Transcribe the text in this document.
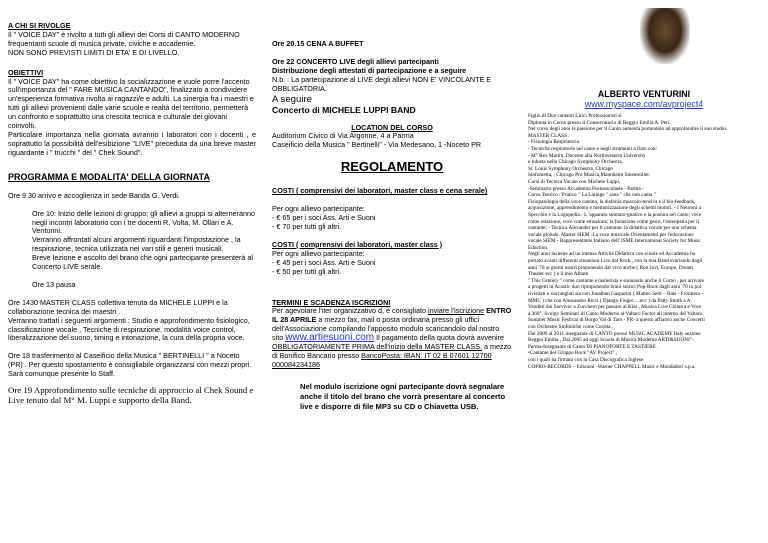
A CHI SI RIVOLGE

Il " VOICE DAY" è rivolto a tutti gli allievi dei Corsi di CANTO MODERNO frequentanti scuole di musica private, civiche e accademie.

NON SONO PREVISTI LIMITI DI ETA' E DI LIVELLO.

OBIETTIVI

Il " VOICE DAY" ha come obiettivo la socializzazione e vuole porre l'accento sull'importanza del " FARE MUSICA CANTANDO", finalizzato a condividere un'esperienza formativa rivolta ai ragazzi/e e adulti. La sinergia fra i maestri e tutti gli allievi provenienti dalle varie scuole e realtà del territorio, permetterà un confronto e soprattutto una crescita tecnica e culturale dei giovani coinvolti.

Particolare importanza nella giornata avranno i laboratori con i docenti , e soprattutto la possibilità dell'esibizione "LIVE" preceduta da una breve master riguardante i " trucchi " del " Chek Sound".

PROGRAMMA E MODALITA' DELLA GIORNATA

Ore 9.30 arrivo e accoglienza in sede Banda G. Verdi.

Ore 10: Inizio delle lezioni di gruppo; gli allievi a gruppi si alterneranno negli incontri laboratorio con i tre docenti R. Volta, M. Ollari e A. Venturini.
Verranno affrontati alcuni argomenti riguardanti l'impostazione , la respirazione, tecnica utilizzata nei vari stili e generi musicali.
Breve lezione e ascolto del brano che ogni partecipante presenterà al Concerto LIVE serale.

Ore 13 pausa

Ore 1430 MASTER CLASS collettiva tenuta da MICHELE LUPPI e la collaborazione tecnica dei maestri .
Verranno trattati i seguenti argomenti : Studio e approfondimento fisiologico, classificazione vocale , Tecniche di respirazione, modalità voice control, liberalizzazione del suono, timing e intonazione, la cura della propria voce.

Ore 18 trasferimento al Caseificio della Musica " BERTINELLI " a Noceto (PR) . Per questo spostamento è consigliabile organizzarsi con mezzi propri. Sarà comunque presente lo Staff.

Ore 19 Approfondimento sulle tecniche di approccio al Chek Sound e Live tenuto dal M° M. Luppi e supporto della Band.

Ore 20.15 CENA A BUFFET

Ore 22 CONCERTO LIVE degli allievi partecipanti

Distribuzione degli attestati di partecipazione e a seguire

N.b. : La partecipazione al LIVE degli allievi NON E' VINCOLANTE E OBBLIGATORIA.

A seguire

Concerto di MICHELE LUPPI BAND

LOCATION DEL CORSO

Auditorium Civico di Via Argonne, 4 a Parma
Caseificio della Musica " Bertinelli" - Via Medesano, 1 -Noceto PR

REGOLAMENTO

COSTI ( comprensivi dei laboratori, master class e cena serale)

Per ogni allievo partecipante:
- € 65 per i soci Ass. Arti e Suoni
- € 70 per tutti gli altri.

COSTI ( comprensivi dei laboratori, master class )

Per ogni allievo partecipante:
- € 45 per i soci Ass. Arti e Suoni
- € 50 per tutti gli altri.

TERMINI E SCADENZA ISCRIZIONI

Per agevolare l'iter organizzativo d, è consigliato inviare l'iscrizione ENTRO IL 28 APRILE a mezzo fax, mail o posta ordinaria presso gli uffici dell'Associazione compilando l'apposito modulo scaricandolo dal nostro sito www.artiesuoni.com Il pagamento della quota dovrà avvenire OBBLIGATORIAMENTE PRIMA dell'inizio della MASTER CLASS, a mezzo di Bonifico Bancario presso BancoPosta: IBAN: IT 02 B 07601 12700 000084234186

Nel modulo iscrizione ogni partecipante dovrà segnalare anche il titolo del brano che vorrà presentare al concerto live e disporre di file MP3 su CD o Chiavetta USB.

ALBERTO VENTURINI

www.myspace.com/avproject4

Figlio di Due cantanti Lirici Professionisti si
Diploma in Corno presso il Conservatorio di Reggio Emilia A. Peri.
Nel corso degli anni la passione per il Canto aumenta portandolo ad approfondire il suo studio.
MASTER CLASS :
- Fisiologia Respiratoria
- Tecniche respiratorie nel canto e negli strumenti a fiato con:
- M° Rex Martin, Docente alla Northwestern University
e tubista nella Chicago Symphony Orchestra,
St. Louis Symphony Orchestra, Chicago
Sinfonietta, , Chicago Pro Musica,Mannheim Steamroller.
Corsi di Tecnica Vocale con Michele Luppi,
-Seminario presso Accademia Postuosculasle - Parma -
Corso Teorico / Pratico " La Laringe " sana " che non canta "
Fisiopatologia della voce cantata, la disfonia muscolo-tensiva e il bio-feedback,
acquisizione, apprendimento e memorizzazione degli schemi motori. - I Neuroni a
Specchio e la Logopedia.- L 'apparato stomato-gnatico e la postura nel canto; voce
come relazione, voce come emozione; la fonazione come gesto, l'osteopatia per il
cantante; - Tecnica Alexander per il cantante, la didattica vocale per uno schema
vocale globale. Master SIEM -La voce musicale.Orientamenti per l'educazione
vocale SIEM - Rappresentante Italiano dell' ISME International Society for Music
Eduction.
Negli anni insieme ad un intensa Attività Didattica con scuole ed Accademie ho
portato avanti differenti situazioni Live dal Rock , con la mia Band svariando dagli
anni '70 ai giorni nostri proponendo dal vivo anche ( Bon Jovi, Europe, Dream
Theater ecc ) e il mio Album
'' This Century '' come cantante e tastierista e suonando anche il Corno , per arrivare
a progetti in Acustic duo riproponendo brani storici Pop-Rock dagli anni '70 in poi
rivisitati e riarrangiati sia con Jonathan Gasparini ( Matteo Setti – Rats - Frontiera –
MMC ) che con Alessandro Ricci ( Django Finger….ecc ) da Patty Smith a A.
Venditti dai Survivor a Zucchero per passare ai Kiss , Musica Live Chitarra e Voce
a 360°. Svolgo Seminari di Canto Moderno al Valtaro Factor all interno del Valtaro
Summer Music Festival di Borgo Val di Taro - PR- a questo affianco anche Concerti
con Orchestre Sinfoniche come Corista .
Dal 2009 al 2011 insegnante di CANTO presso MUSIC ACADEMY Italy sezione
Reggio Emilia , Dal 2005 ad oggi Scuola di Musica Moderna ARTI&SUONI"-
Parma-Insegnante di Canto DI PIANOFORTE E TASTIERE .
•Cantante del Gruppo Rock "AV Project" ,
con i quali ha firmato con la Casa Discografica Inglese
COPRO-RECORDS – Edizioni -Warner CHAPPELL Music e Mondadori s.p.a.
